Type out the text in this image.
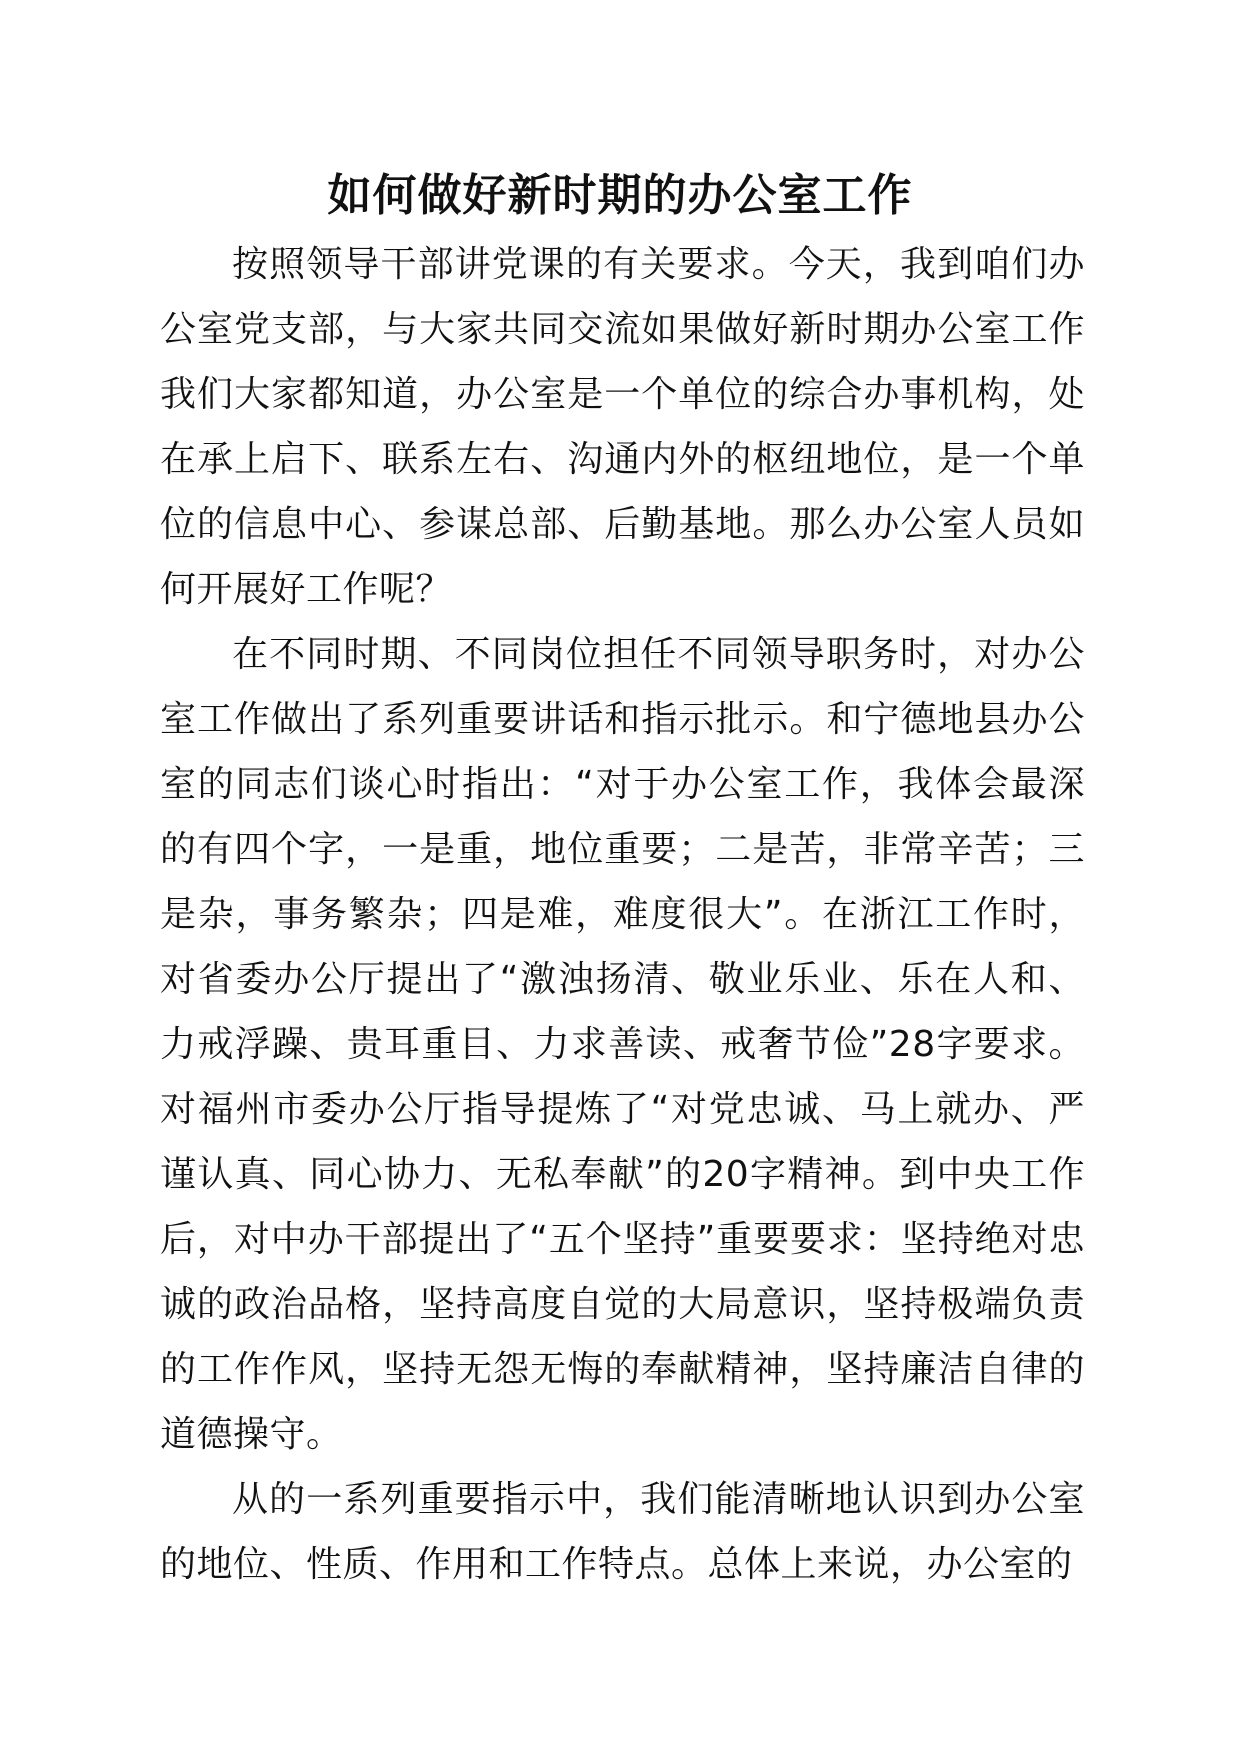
如何做好新时期的办公室工作

按照领导干部讲党课的有关要求。今天，我到咱们办公室党支部，与大家共同交流如果做好新时期办公室工作我们大家都知道，办公室是一个单位的综合办事机构，处在承上启下、联系左右、沟通内外的枢纽地位，是一个单位的信息中心、参谋总部、后勤基地。那么办公室人员如何开展好工作呢？

在不同时期、不同岗位担任不同领导职务时，对办公室工作做出了系列重要讲话和指示批示。和宁德地县办公室的同志们谈心时指出：“对于办公室工作，我体会最深的有四个字，一是重，地位重要；二是苦，非常辛苦；三是杂，事务繁杂；四是难，难度很大”。在浙江工作时，对省委办公厅提出了“激浊扬清、敬业乐业、乐在人和、力戒浮躁、贵耳重目、力求善读、戒奢节俭”28字要求。对福州市委办公厅指导提炼了“对党忠诚、马上就办、严谨认真、同心协力、无私奉献”的20字精神。到中央工作后，对中办干部提出了“五个坚持”重要要求：坚持绝对忠诚的政治品格，坚持高度自觉的大局意识，坚持极端负责的工作作风，坚持无怨无悔的奉献精神，坚持廉洁自律的道德操守。

从的一系列重要指示中，我们能清晰地认识到办公室的地位、性质、作用和工作特点。总体上来说，办公室的
